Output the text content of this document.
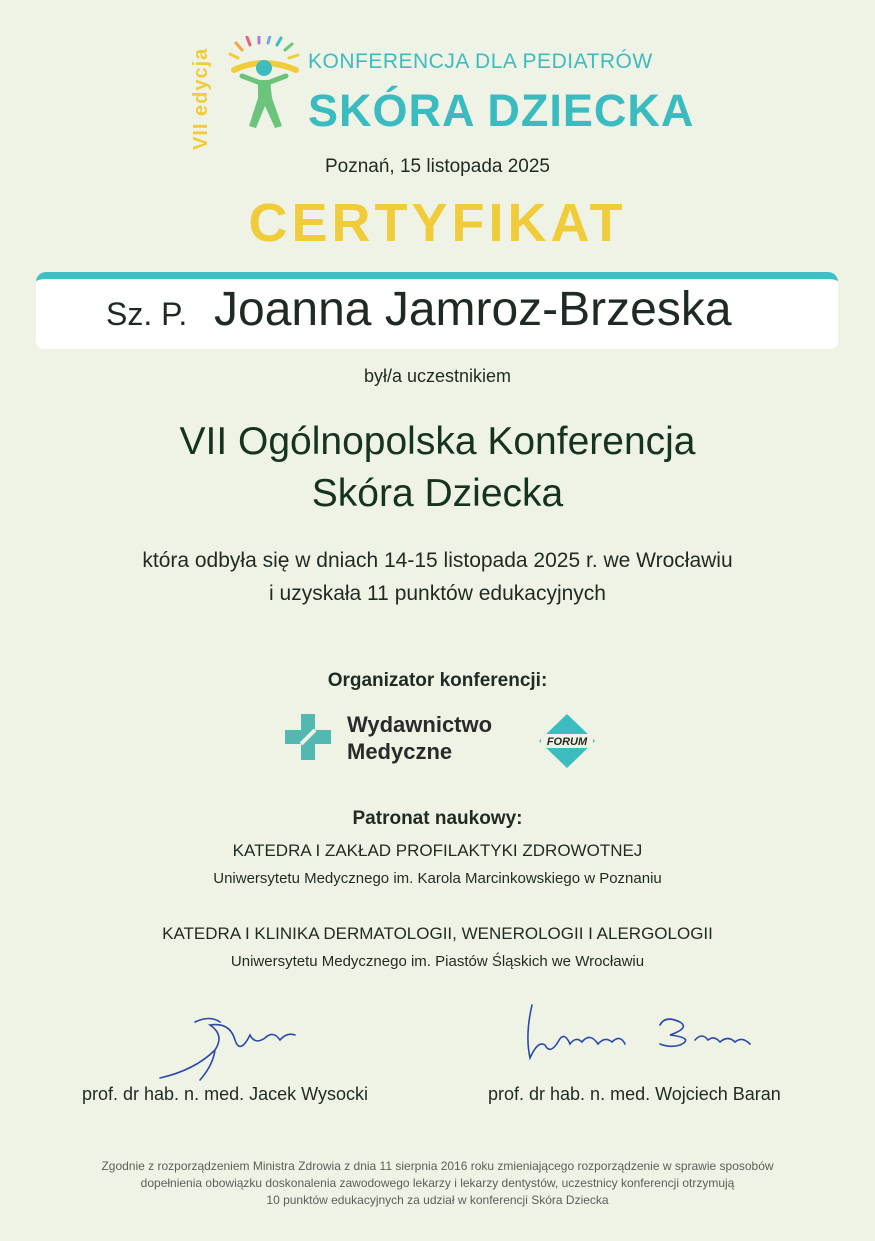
VII edycja	KONFERENCJA DLA PEDIATRÓW
SKÓRA DZIECKA
Poznań, 15 listopada 2025
CERTYFIKAT
Sz. P. Joanna Jamroz-Brzeska
był/a uczestnikiem
VII Ogólnopolska Konferencja
Skóra Dziecka
która odbyła się w dniach 14-15 listopada 2025 r. we Wrocławiu
i uzyskała 11 punktów edukacyjnych
Organizator konferencji:
Wydawnictwo
Medyczne	FORUM
Patronat naukowy:
KATEDRA I ZAKŁAD PROFILAKTYKI ZDROWOTNEJ
Uniwersytetu Medycznego im. Karola Marcinkowskiego w Poznaniu
KATEDRA I KLINIKA DERMATOLOGII, WENEROLOGII I ALERGOLOGII
Uniwersytetu Medycznego im. Piastów Śląskich we Wrocławiu
prof. dr hab. n. med. Jacek Wysocki	prof. dr hab. n. med. Wojciech Baran
Zgodnie z rozporządzeniem Ministra Zdrowia z dnia 11 sierpnia 2016 roku zmieniającego rozporządzenie w sprawie sposobów
dopełnienia obowiązku doskonalenia zawodowego lekarzy i lekarzy dentystów, uczestnicy konferencji otrzymują
10 punktów edukacyjnych za udział w konferencji Skóra Dziecka
